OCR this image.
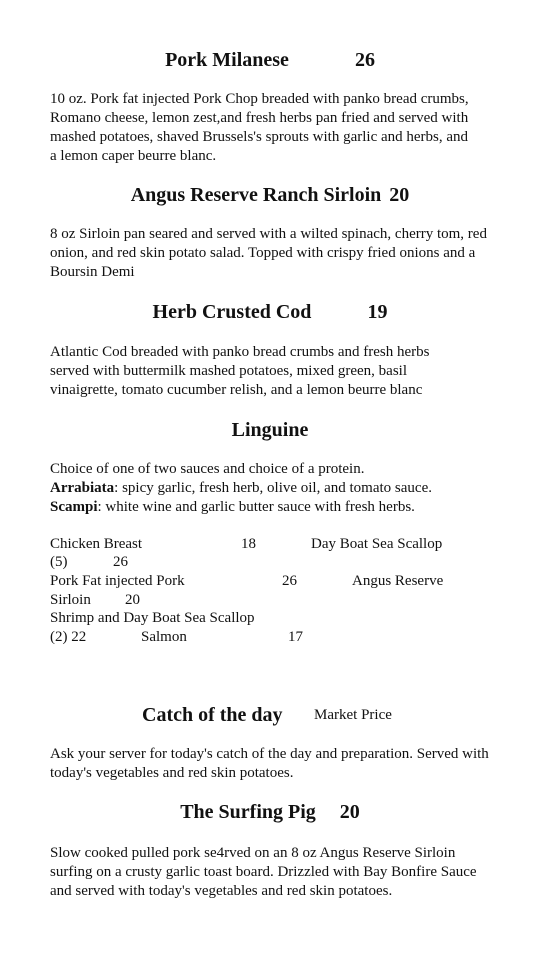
Pork Milanese	26

10 oz. Pork fat injected Pork Chop breaded with panko bread crumbs, Romano cheese, lemon zest,and fresh herbs pan fried and served with mashed potatoes, shaved Brussels's sprouts with garlic and herbs, and a lemon caper beurre blanc.

Angus Reserve Ranch Sirloin 20

8 oz Sirloin pan seared and served with a wilted spinach, cherry tom, red onion, and red skin potato salad. Topped with crispy fried onions and a Boursin Demi

Herb Crusted Cod	19

Atlantic Cod breaded with panko bread crumbs and fresh herbs served with buttermilk mashed potatoes, mixed green, basil vinaigrette, tomato cucumber relish, and a lemon beurre blanc

Linguine

Choice of one of two sauces and choice of a protein.
Arrabiata: spicy garlic, fresh herb, olive oil, and tomato sauce.
Scampi: white wine and garlic butter sauce with fresh herbs.

Chicken Breast	18	Day Boat Sea Scallop
(5)	26
Pork Fat injected Pork	26	Angus Reserve
Sirloin 20
Shrimp and Day Boat Sea Scallop
(2) 22	Salmon	17
Catch of the day Market Price

Ask your server for today's catch of the day and preparation. Served with today's vegetables and red skin potatoes.

The Surfing Pig 20

Slow cooked pulled pork se4rved on an 8 oz Angus Reserve Sirloin surfing on a crusty garlic toast board. Drizzled with Bay Bonfire Sauce and served with today's vegetables and red skin potatoes.
